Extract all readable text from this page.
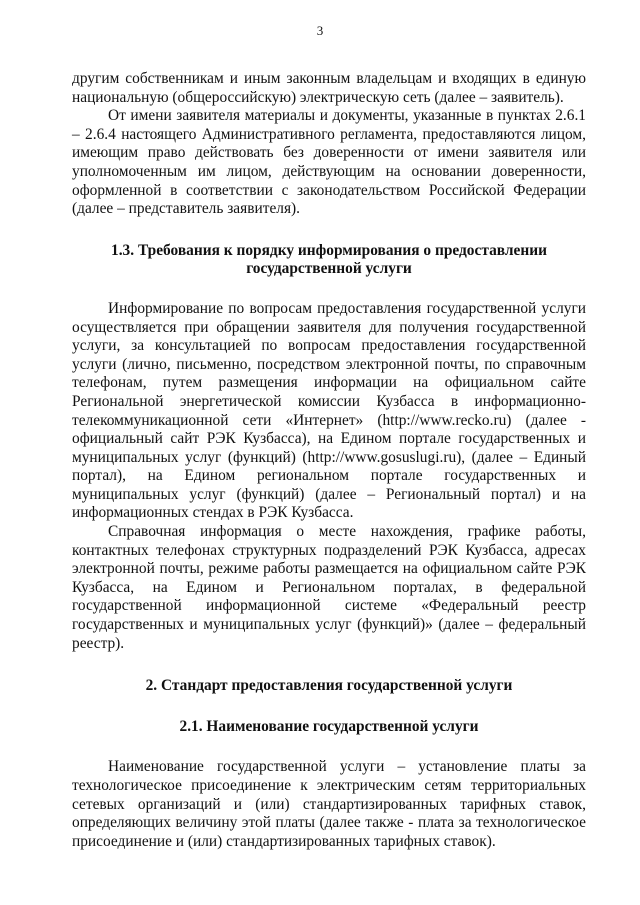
3

другим собственникам и иным законным владельцам и входящих в единую национальную (общероссийскую) электрическую сеть (далее – заявитель).

От имени заявителя материалы и документы, указанные в пунктах 2.6.1 – 2.6.4 настоящего Административного регламента, предоставляются лицом, имеющим право действовать без доверенности от имени заявителя или уполномоченным им лицом, действующим на основании доверенности, оформленной в соответствии с законодательством Российской Федерации (далее – представитель заявителя).

1.3. Требования к порядку информирования о предоставлении
государственной услуги

Информирование по вопросам предоставления государственной услуги осуществляется при обращении заявителя для получения государственной услуги, за консультацией по вопросам предоставления государственной услуги (лично, письменно, посредством электронной почты, по справочным телефонам, путем размещения информации на официальном сайте Региональной энергетической комиссии Кузбасса в информационно-телекоммуникационной сети «Интернет» (http://www.recko.ru) (далее - официальный сайт РЭК Кузбасса), на Едином портале государственных и муниципальных услуг (функций) (http://www.gosuslugi.ru), (далее – Единый портал), на Едином региональном портале государственных и муниципальных услуг (функций) (далее – Региональный портал) и на информационных стендах в РЭК Кузбасса.

Справочная информация о месте нахождения, графике работы, контактных телефонах структурных подразделений РЭК Кузбасса, адресах электронной почты, режиме работы размещается на официальном сайте РЭК Кузбасса, на Едином и Региональном порталах, в федеральной государственной информационной системе «Федеральный реестр государственных и муниципальных услуг (функций)» (далее – федеральный реестр).

2. Стандарт предоставления государственной услуги
2.1. Наименование государственной услуги

Наименование государственной услуги – установление платы за технологическое присоединение к электрическим сетям территориальных сетевых организаций и (или) стандартизированных тарифных ставок, определяющих величину этой платы (далее также - плата за технологическое присоединение и (или) стандартизированных тарифных ставок).
